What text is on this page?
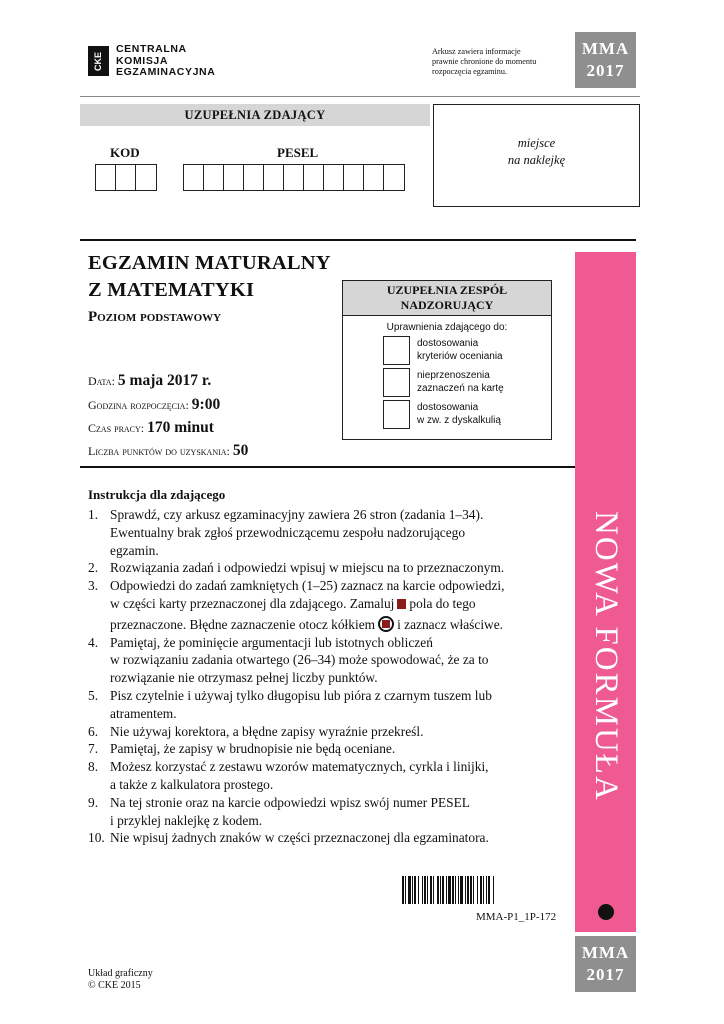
CKE
CENTRALNA
KOMISJA
EGZAMINACYJNA
Arkusz zawiera informacje
prawnie chronione do momentu
rozpoczęcia egzaminu.
MMA
2017
UZUPEŁNIA ZDAJĄCY
KOD	PESEL
miejsce
na naklejkę
EGZAMIN MATURALNY
Z MATEMATYKI
Poziom podstawowy
Data: 5 maja 2017 r.
Godzina rozpoczęcia: 9:00
Czas pracy: 170 minut
Liczba punktów do uzyskania: 50
UZUPEŁNIA ZESPÓŁ
NADZORUJĄCY
Uprawnienia zdającego do:
dostosowania
kryteriów oceniania
nieprzenoszenia
zaznaczeń na kartę
dostosowania
w zw. z dyskalkulią
NOWA FORMUŁA
Instrukcja dla zdającego
1. Sprawdź, czy arkusz egzaminacyjny zawiera 26 stron (zadania 1–34).
Ewentualny brak zgłoś przewodniczącemu zespołu nadzorującego
egzamin.
2. Rozwiązania zadań i odpowiedzi wpisuj w miejscu na to przeznaczonym.
3. Odpowiedzi do zadań zamkniętych (1–25) zaznacz na karcie odpowiedzi,
w części karty przeznaczonej dla zdającego. Zamaluj pola do tego
przeznaczone. Błędne zaznaczenie otocz kółkiem i zaznacz właściwe.
4. Pamiętaj, że pominięcie argumentacji lub istotnych obliczeń
w rozwiązaniu zadania otwartego (26–34) może spowodować, że za to
rozwiązanie nie otrzymasz pełnej liczby punktów.
5. Pisz czytelnie i używaj tylko długopisu lub pióra z czarnym tuszem lub
atramentem.
6. Nie używaj korektora, a błędne zapisy wyraźnie przekreśl.
7. Pamiętaj, że zapisy w brudnopisie nie będą oceniane.
8. Możesz korzystać z zestawu wzorów matematycznych, cyrkla i linijki,
a także z kalkulatora prostego.
9. Na tej stronie oraz na karcie odpowiedzi wpisz swój numer PESEL
i przyklej naklejkę z kodem.
10. Nie wpisuj żadnych znaków w części przeznaczonej dla egzaminatora.
MMA-P1_1P-172
MMA
2017
Układ graficzny
© CKE 2015
